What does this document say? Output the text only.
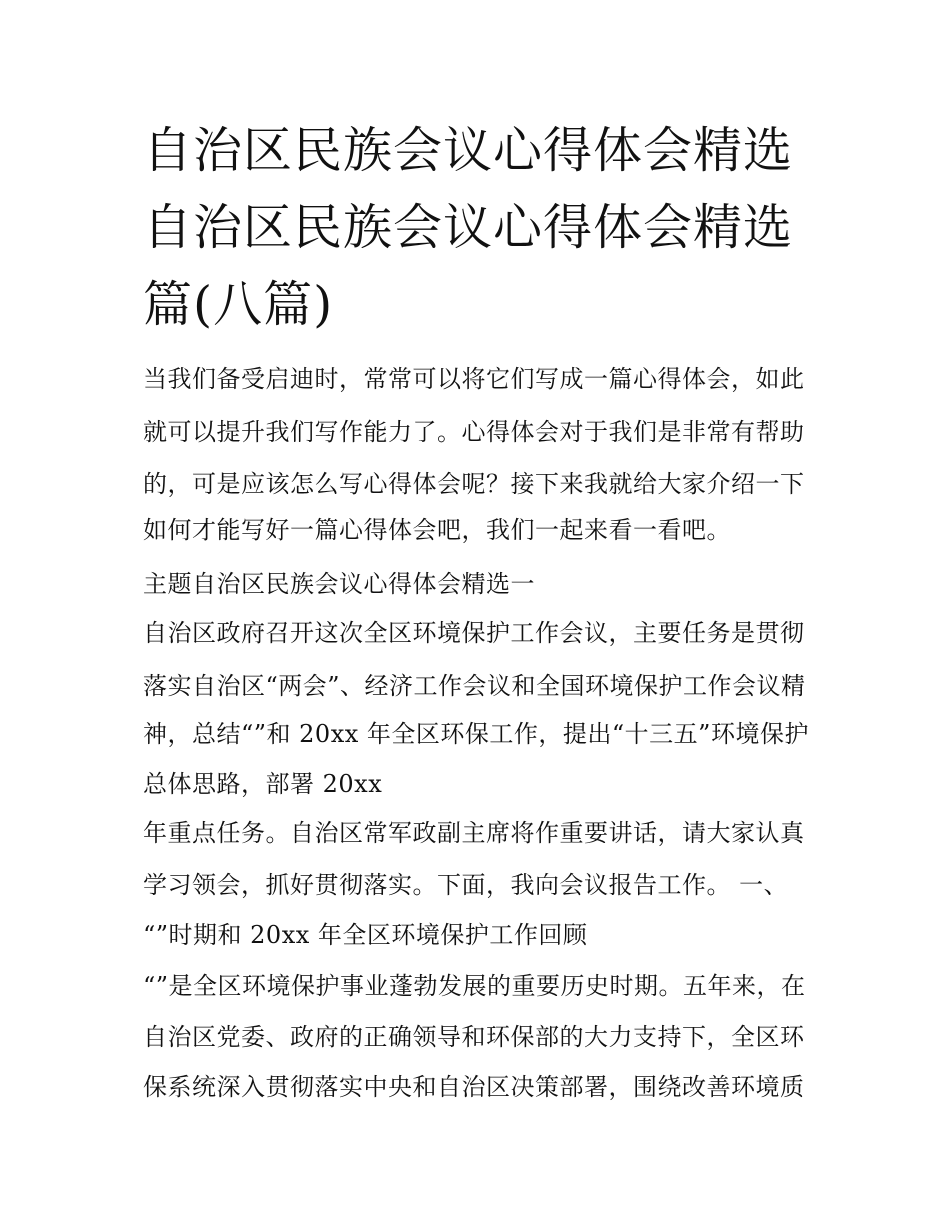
自治区民族会议心得体会精选
自治区民族会议心得体会精选
篇(八篇)

当我们备受启迪时，常常可以将它们写成一篇心得体会，如此

就可以提升我们写作能力了。心得体会对于我们是非常有帮助

的，可是应该怎么写心得体会呢？接下来我就给大家介绍一下

如何才能写好一篇心得体会吧，我们一起来看一看吧。

主题自治区民族会议心得体会精选一

自治区政府召开这次全区环境保护工作会议，主要任务是贯彻

落实自治区“两会”、经济工作会议和全国环境保护工作会议精

神，总结“”和 20xx 年全区环保工作，提出“十三五”环境保护

总体思路，部署 20xx

年重点任务。自治区常军政副主席将作重要讲话，请大家认真

学习领会，抓好贯彻落实。下面，我向会议报告工作。 一、

“”时期和 20xx 年全区环境保护工作回顾

“”是全区环境保护事业蓬勃发展的重要历史时期。五年来，在

自治区党委、政府的正确领导和环保部的大力支持下，全区环

保系统深入贯彻落实中央和自治区决策部署，围绕改善环境质
